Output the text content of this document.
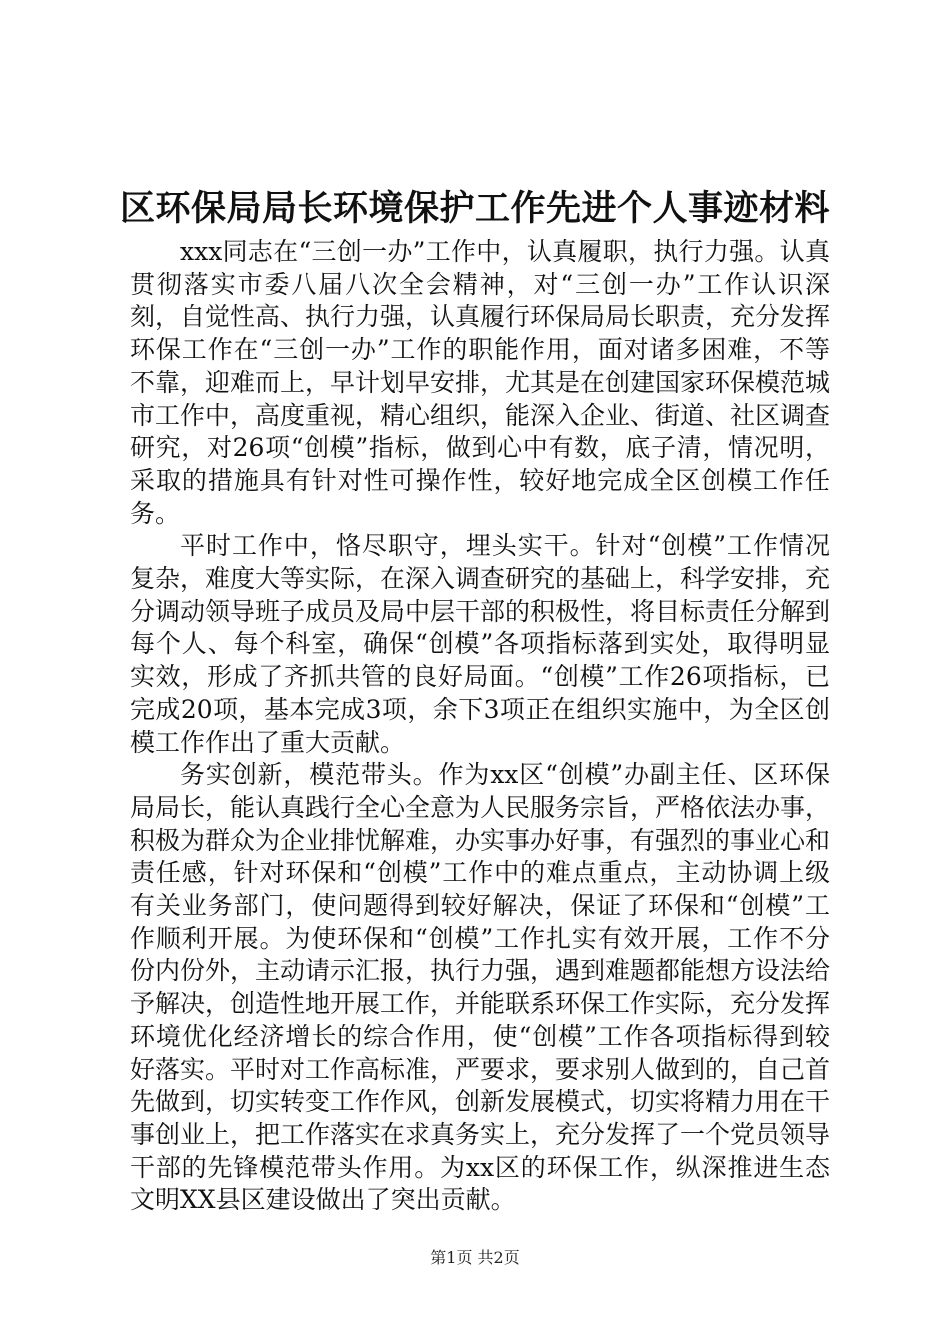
区环保局局长环境保护工作先进个人事迹材料

xxx同志在“三创一办”工作中，认真履职，执行力强。认真贯彻落实市委八届八次全会精神，对“三创一办”工作认识深刻，自觉性高、执行力强，认真履行环保局局长职责，充分发挥环保工作在“三创一办”工作的职能作用，面对诸多困难，不等不靠，迎难而上，早计划早安排，尤其是在创建国家环保模范城市工作中，高度重视，精心组织，能深入企业、街道、社区调查研究，对26项“创模”指标，做到心中有数，底子清，情况明，采取的措施具有针对性可操作性，较好地完成全区创模工作任务。

平时工作中，恪尽职守，埋头实干。针对“创模”工作情况复杂，难度大等实际，在深入调查研究的基础上，科学安排，充分调动领导班子成员及局中层干部的积极性，将目标责任分解到每个人、每个科室，确保“创模”各项指标落到实处，取得明显实效，形成了齐抓共管的良好局面。“创模”工作26项指标，已完成20项，基本完成3项，余下3项正在组织实施中，为全区创模工作作出了重大贡献。

务实创新，模范带头。作为xx区“创模”办副主任、区环保局局长，能认真践行全心全意为人民服务宗旨，严格依法办事，积极为群众为企业排忧解难，办实事办好事，有强烈的事业心和责任感，针对环保和“创模”工作中的难点重点，主动协调上级有关业务部门，使问题得到较好解决，保证了环保和“创模”工作顺利开展。为使环保和“创模”工作扎实有效开展，工作不分份内份外，主动请示汇报，执行力强，遇到难题都能想方设法给予解决，创造性地开展工作，并能联系环保工作实际，充分发挥环境优化经济增长的综合作用，使“创模”工作各项指标得到较好落实。平时对工作高标准，严要求，要求别人做到的，自己首先做到，切实转变工作作风，创新发展模式，切实将精力用在干事创业上，把工作落实在求真务实上，充分发挥了一个党员领导干部的先锋模范带头作用。为xx区的环保工作，纵深推进生态文明XX县区建设做出了突出贡献。

第1页 共2页
